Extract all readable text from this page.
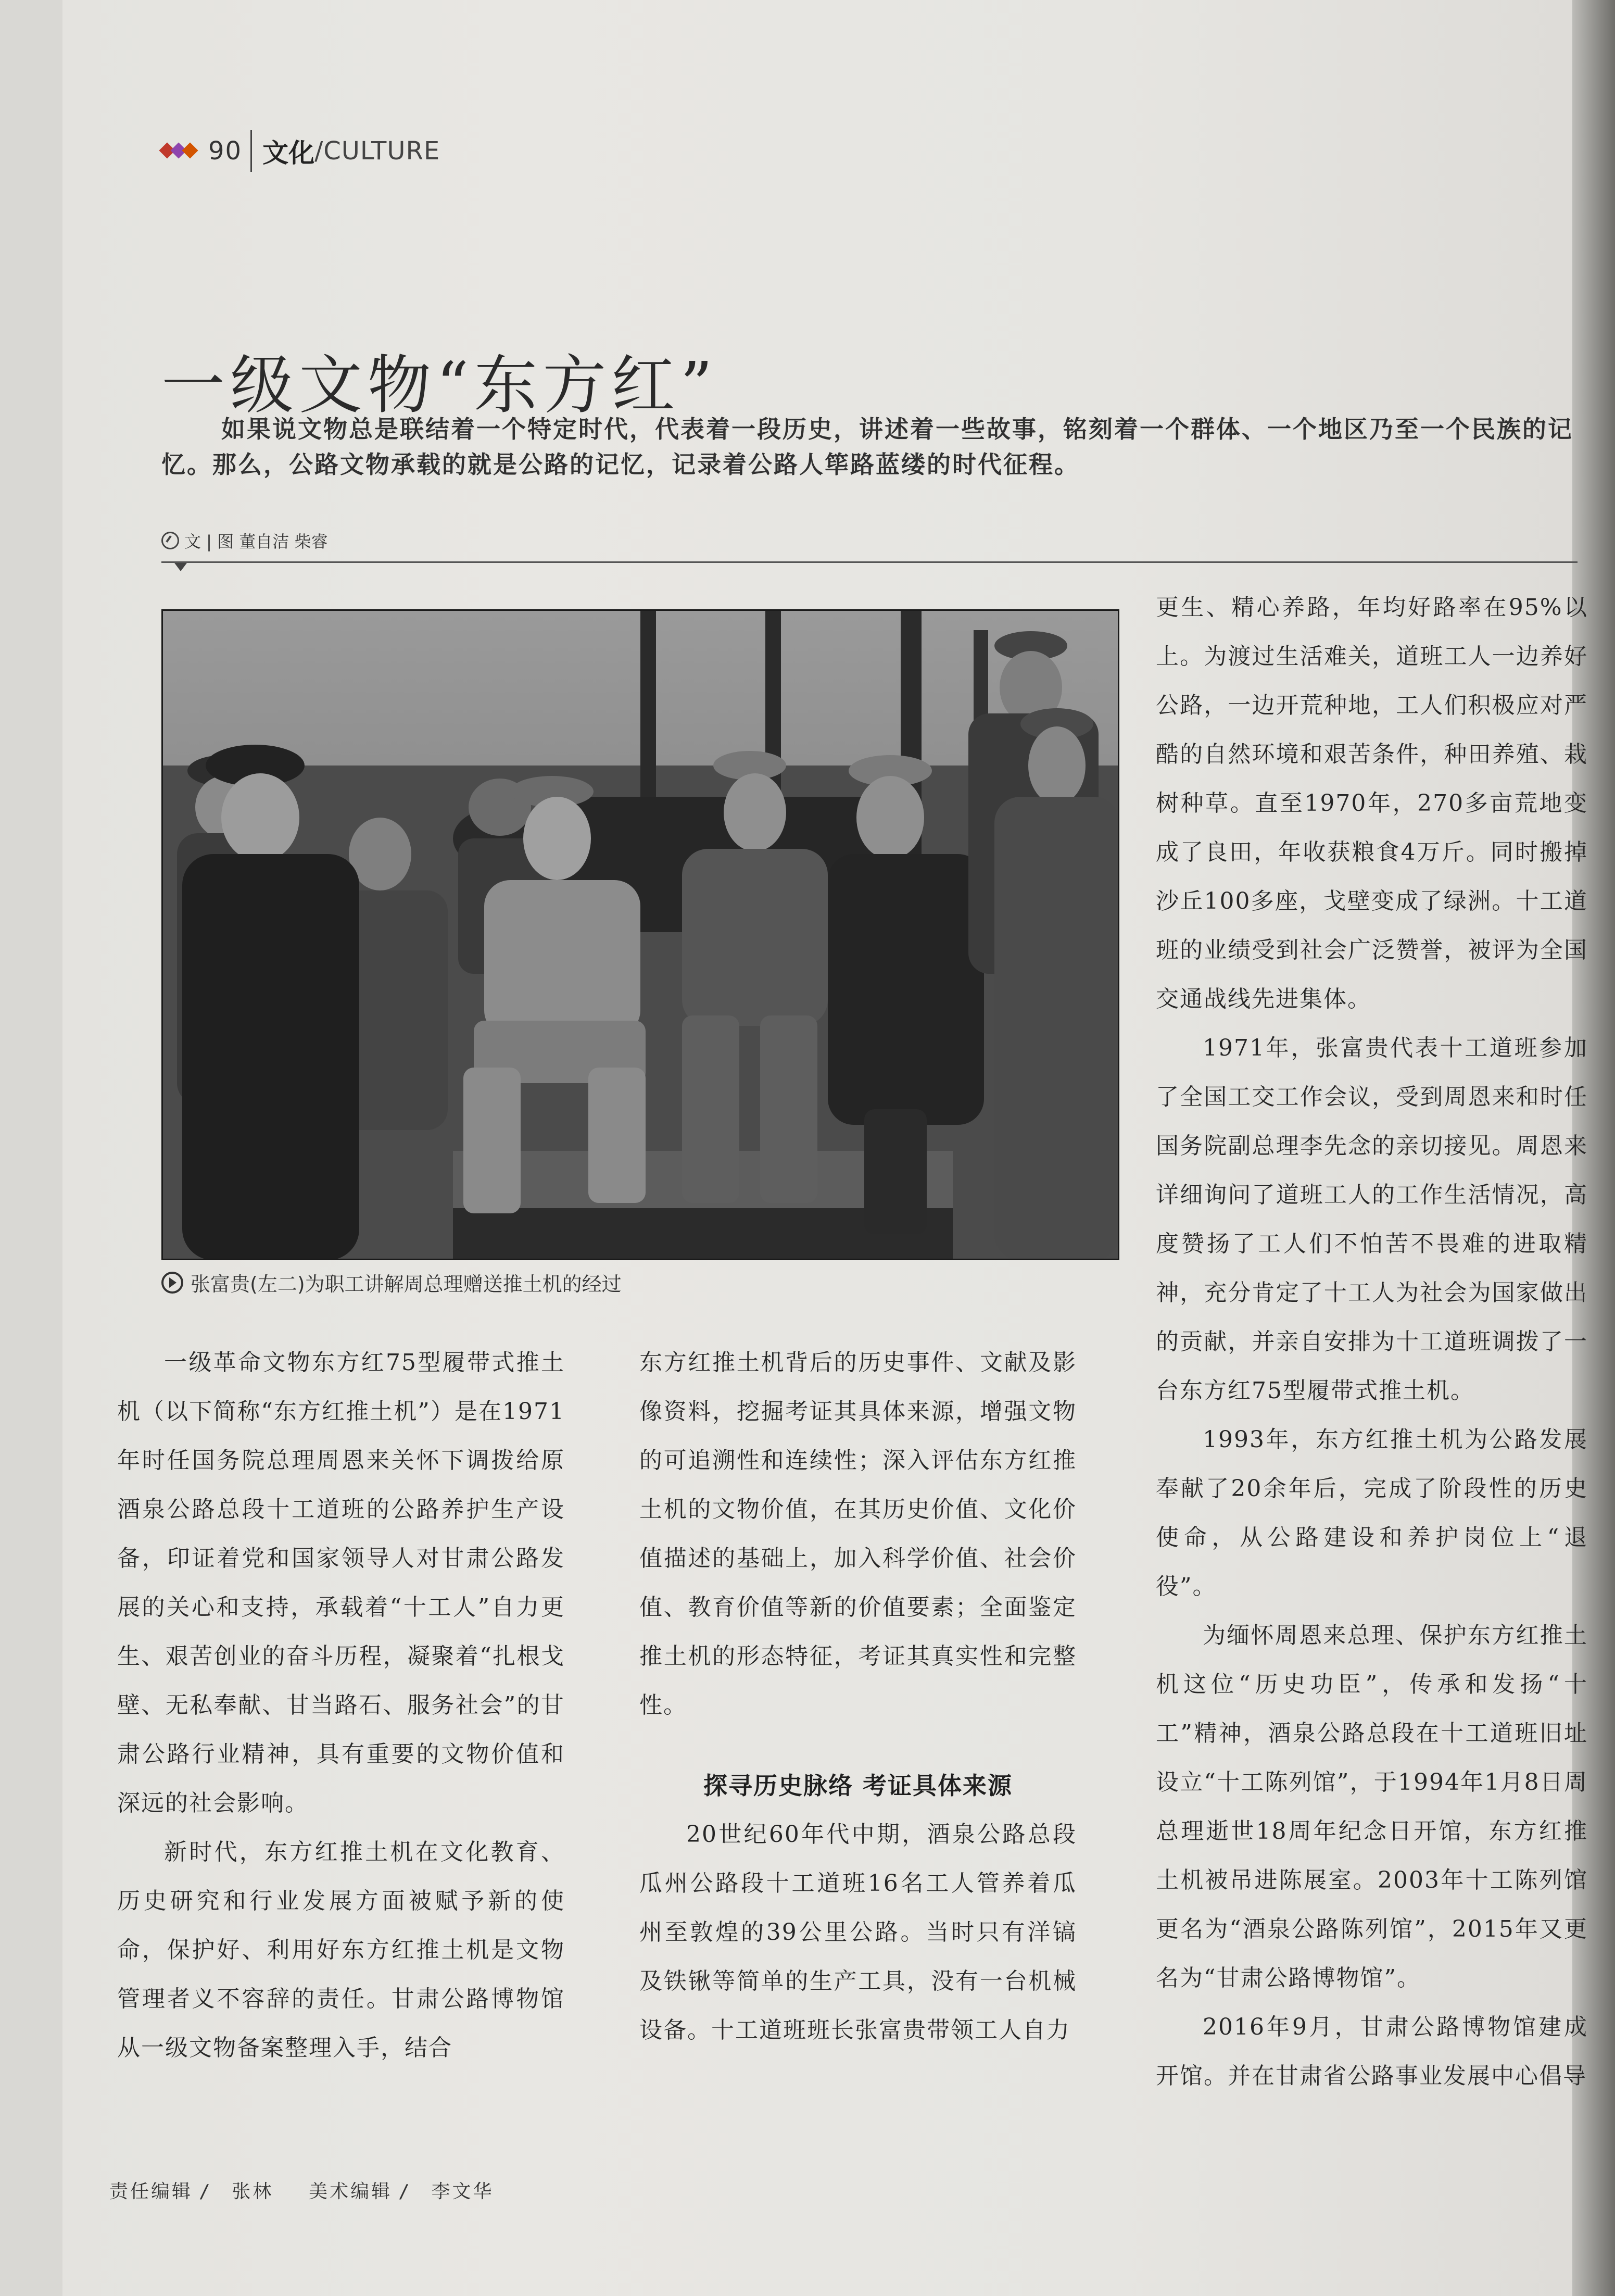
90 文化 /CULTURE
一级文物“东方红”
如果说文物总是联结着一个特定时代，代表着一段历史，讲述着一些故事，铭刻着一个群体、一个地区乃至一个民族的记忆。那么，公路文物承载的就是公路的记忆，记录着公路人筚路蓝缕的时代征程。
文 | 图 董自洁 柴睿
张富贵(左二)为职工讲解周总理赠送推土机的经过

一级革命文物东方红75型履带式推土机（以下简称“东方红推土机”）是在1971年时任国务院总理周恩来关怀下调拨给原酒泉公路总段十工道班的公路养护生产设备，印证着党和国家领导人对甘肃公路发展的关心和支持，承载着“十工人”自力更生、艰苦创业的奋斗历程，凝聚着“扎根戈壁、无私奉献、甘当路石、服务社会”的甘肃公路行业精神，具有重要的文物价值和深远的社会影响。

新时代，东方红推土机在文化教育、历史研究和行业发展方面被赋予新的使命，保护好、利用好东方红推土机是文物管理者义不容辞的责任。甘肃公路博物馆从一级文物备案整理入手，结合

东方红推土机背后的历史事件、文献及影像资料，挖掘考证其具体来源，增强文物的可追溯性和连续性；深入评估东方红推土机的文物价值，在其历史价值、文化价值描述的基础上，加入科学价值、社会价值、教育价值等新的价值要素；全面鉴定推土机的形态特征，考证其真实性和完整性。

探寻历史脉络 考证具体来源

20世纪60年代中期，酒泉公路总段瓜州公路段十工道班16名工人管养着瓜州至敦煌的39公里公路。当时只有洋镐及铁锹等简单的生产工具，没有一台机械设备。十工道班班长张富贵带领工人自力

更生、精心养路，年均好路率在95%以上。为渡过生活难关，道班工人一边养好公路，一边开荒种地，工人们积极应对严酷的自然环境和艰苦条件，种田养殖、栽树种草。直至1970年，270多亩荒地变成了良田，年收获粮食4万斤。同时搬掉沙丘100多座，戈壁变成了绿洲。十工道班的业绩受到社会广泛赞誉，被评为全国交通战线先进集体。

1971年，张富贵代表十工道班参加了全国工交工作会议，受到周恩来和时任国务院副总理李先念的亲切接见。周恩来详细询问了道班工人的工作生活情况，高度赞扬了工人们不怕苦不畏难的进取精神，充分肯定了十工人为社会为国家做出的贡献，并亲自安排为十工道班调拨了一台东方红75型履带式推土机。

1993年，东方红推土机为公路发展奉献了20余年后，完成了阶段性的历史使命，从公路建设和养护岗位上“退役”。

为缅怀周恩来总理、保护东方红推土机这位“历史功臣”，传承和发扬“十工”精神，酒泉公路总段在十工道班旧址设立“十工陈列馆”，于1994年1月8日周总理逝世18周年纪念日开馆，东方红推土机被吊进陈展室。2003年十工陈列馆更名为“酒泉公路陈列馆”，2015年又更名为“甘肃公路博物馆”。

2016年9月，甘肃公路博物馆建成开馆。并在甘肃省公路事业发展中心倡导

责任编辑 / 张林 美术编辑 / 李文华
